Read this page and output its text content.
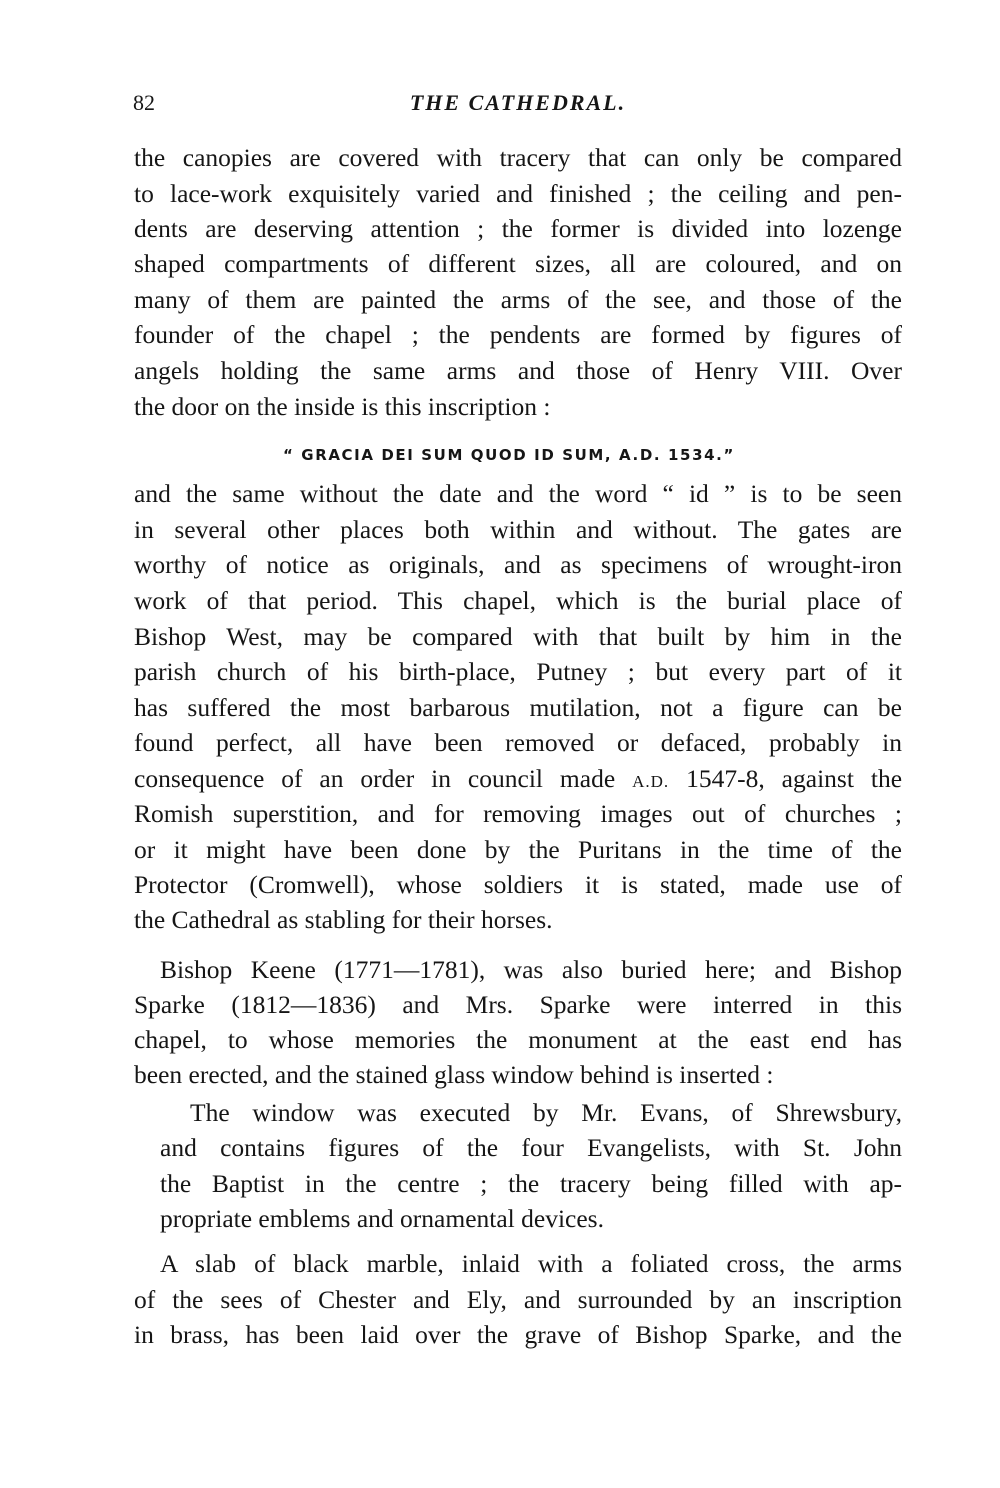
82	THE CATHEDRAL.
the canopies are covered with tracery that can only be compared
to lace-work exquisitely varied and finished ; the ceiling and pen-
dents are deserving attention ; the former is divided into lozenge
shaped compartments of different sizes, all are coloured, and on
many of them are painted the arms of the see, and those of the
founder of the chapel ; the pendents are formed by figures of
angels holding the same arms and those of Henry VIII. Over
the door on the inside is this inscription :
“ GRACIA DEI SUM QUOD ID SUM, A.D. 1534.”
and the same without the date and the word “ id ” is to be seen
in several other places both within and without. The gates are
worthy of notice as originals, and as specimens of wrought-iron
work of that period. This chapel, which is the burial place of
Bishop West, may be compared with that built by him in the
parish church of his birth-place, Putney ; but every part of it
has suffered the most barbarous mutilation, not a figure can be
found perfect, all have been removed or defaced, probably in
consequence of an order in council made A.D. 1547-8, against the
Romish superstition, and for removing images out of churches ;
or it might have been done by the Puritans in the time of the
Protector (Cromwell), whose soldiers it is stated, made use of
the Cathedral as stabling for their horses.
Bishop Keene (1771—1781), was also buried here; and Bishop
Sparke (1812—1836) and Mrs. Sparke were interred in this
chapel, to whose memories the monument at the east end has
been erected, and the stained glass window behind is inserted :
The window was executed by Mr. Evans, of Shrewsbury,
and contains figures of the four Evangelists, with St. John
the Baptist in the centre ; the tracery being filled with ap-
propriate emblems and ornamental devices.
A slab of black marble, inlaid with a foliated cross, the arms
of the sees of Chester and Ely, and surrounded by an inscription
in brass, has been laid over the grave of Bishop Sparke, and the
